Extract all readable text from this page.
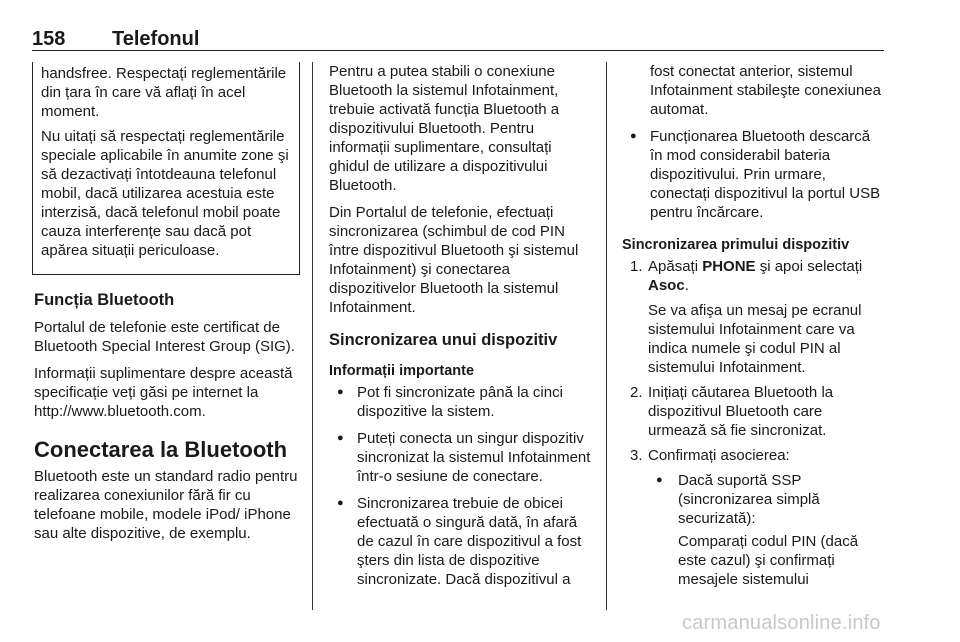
158 Telefonul

handsfree. Respectați reglementările din țara în care vă aflați în acel moment.

Nu uitați să respectați reglementările speciale aplicabile în anumite zone şi să dezactivați întotdeauna telefonul mobil, dacă utilizarea acestuia este interzisă, dacă telefonul mobil poate cauza interferențe sau dacă pot apărea situații periculoase.

Funcția Bluetooth

Portalul de telefonie este certificat de Bluetooth Special Interest Group (SIG).

Informații suplimentare despre această specificație veți găsi pe internet la http://www.bluetooth.com.

Conectarea la Bluetooth

Bluetooth este un standard radio pentru realizarea conexiunilor fără fir cu telefoane mobile, modele iPod/ iPhone sau alte dispozitive, de exemplu.

Pentru a putea stabili o conexiune Bluetooth la sistemul Infotainment, trebuie activată funcția Bluetooth a dispozitivului Bluetooth. Pentru informații suplimentare, consultați ghidul de utilizare a dispozitivului Bluetooth.

Din Portalul de telefonie, efectuați sincronizarea (schimbul de cod PIN între dispozitivul Bluetooth şi sistemul Infotainment) şi conectarea dispozitivelor Bluetooth la sistemul Infotainment.

Sincronizarea unui dispozitiv
Informații importante
● Pot fi sincronizate până la cinci dispozitive la sistem.
● Puteți conecta un singur dispozitiv sincronizat la sistemul Infotainment într-o sesiune de conectare.
● Sincronizarea trebuie de obicei efectuată o singură dată, în afară de cazul în care dispozitivul a fost şters din lista de dispozitive sincronizate. Dacă dispozitivul a

fost conectat anterior, sistemul Infotainment stabileşte conexiunea automat.

● Funcționarea Bluetooth descarcă în mod considerabil bateria dispozitivului. Prin urmare, conectați dispozitivul la portul USB pentru încărcare.
Sincronizarea primului dispozitiv
1. Apăsați PHONE şi apoi selectați Asoc.

Se va afişa un mesaj pe ecranul sistemului Infotainment care va indica numele şi codul PIN al sistemului Infotainment.

2. Inițiați căutarea Bluetooth la dispozitivul Bluetooth care urmează să fie sincronizat.

3. Confirmați asocierea:

● Dacă suportă SSP (sincronizarea simplă securizată):

Comparați codul PIN (dacă este cazul) şi confirmați mesajele sistemului

carmanualsonline.info
